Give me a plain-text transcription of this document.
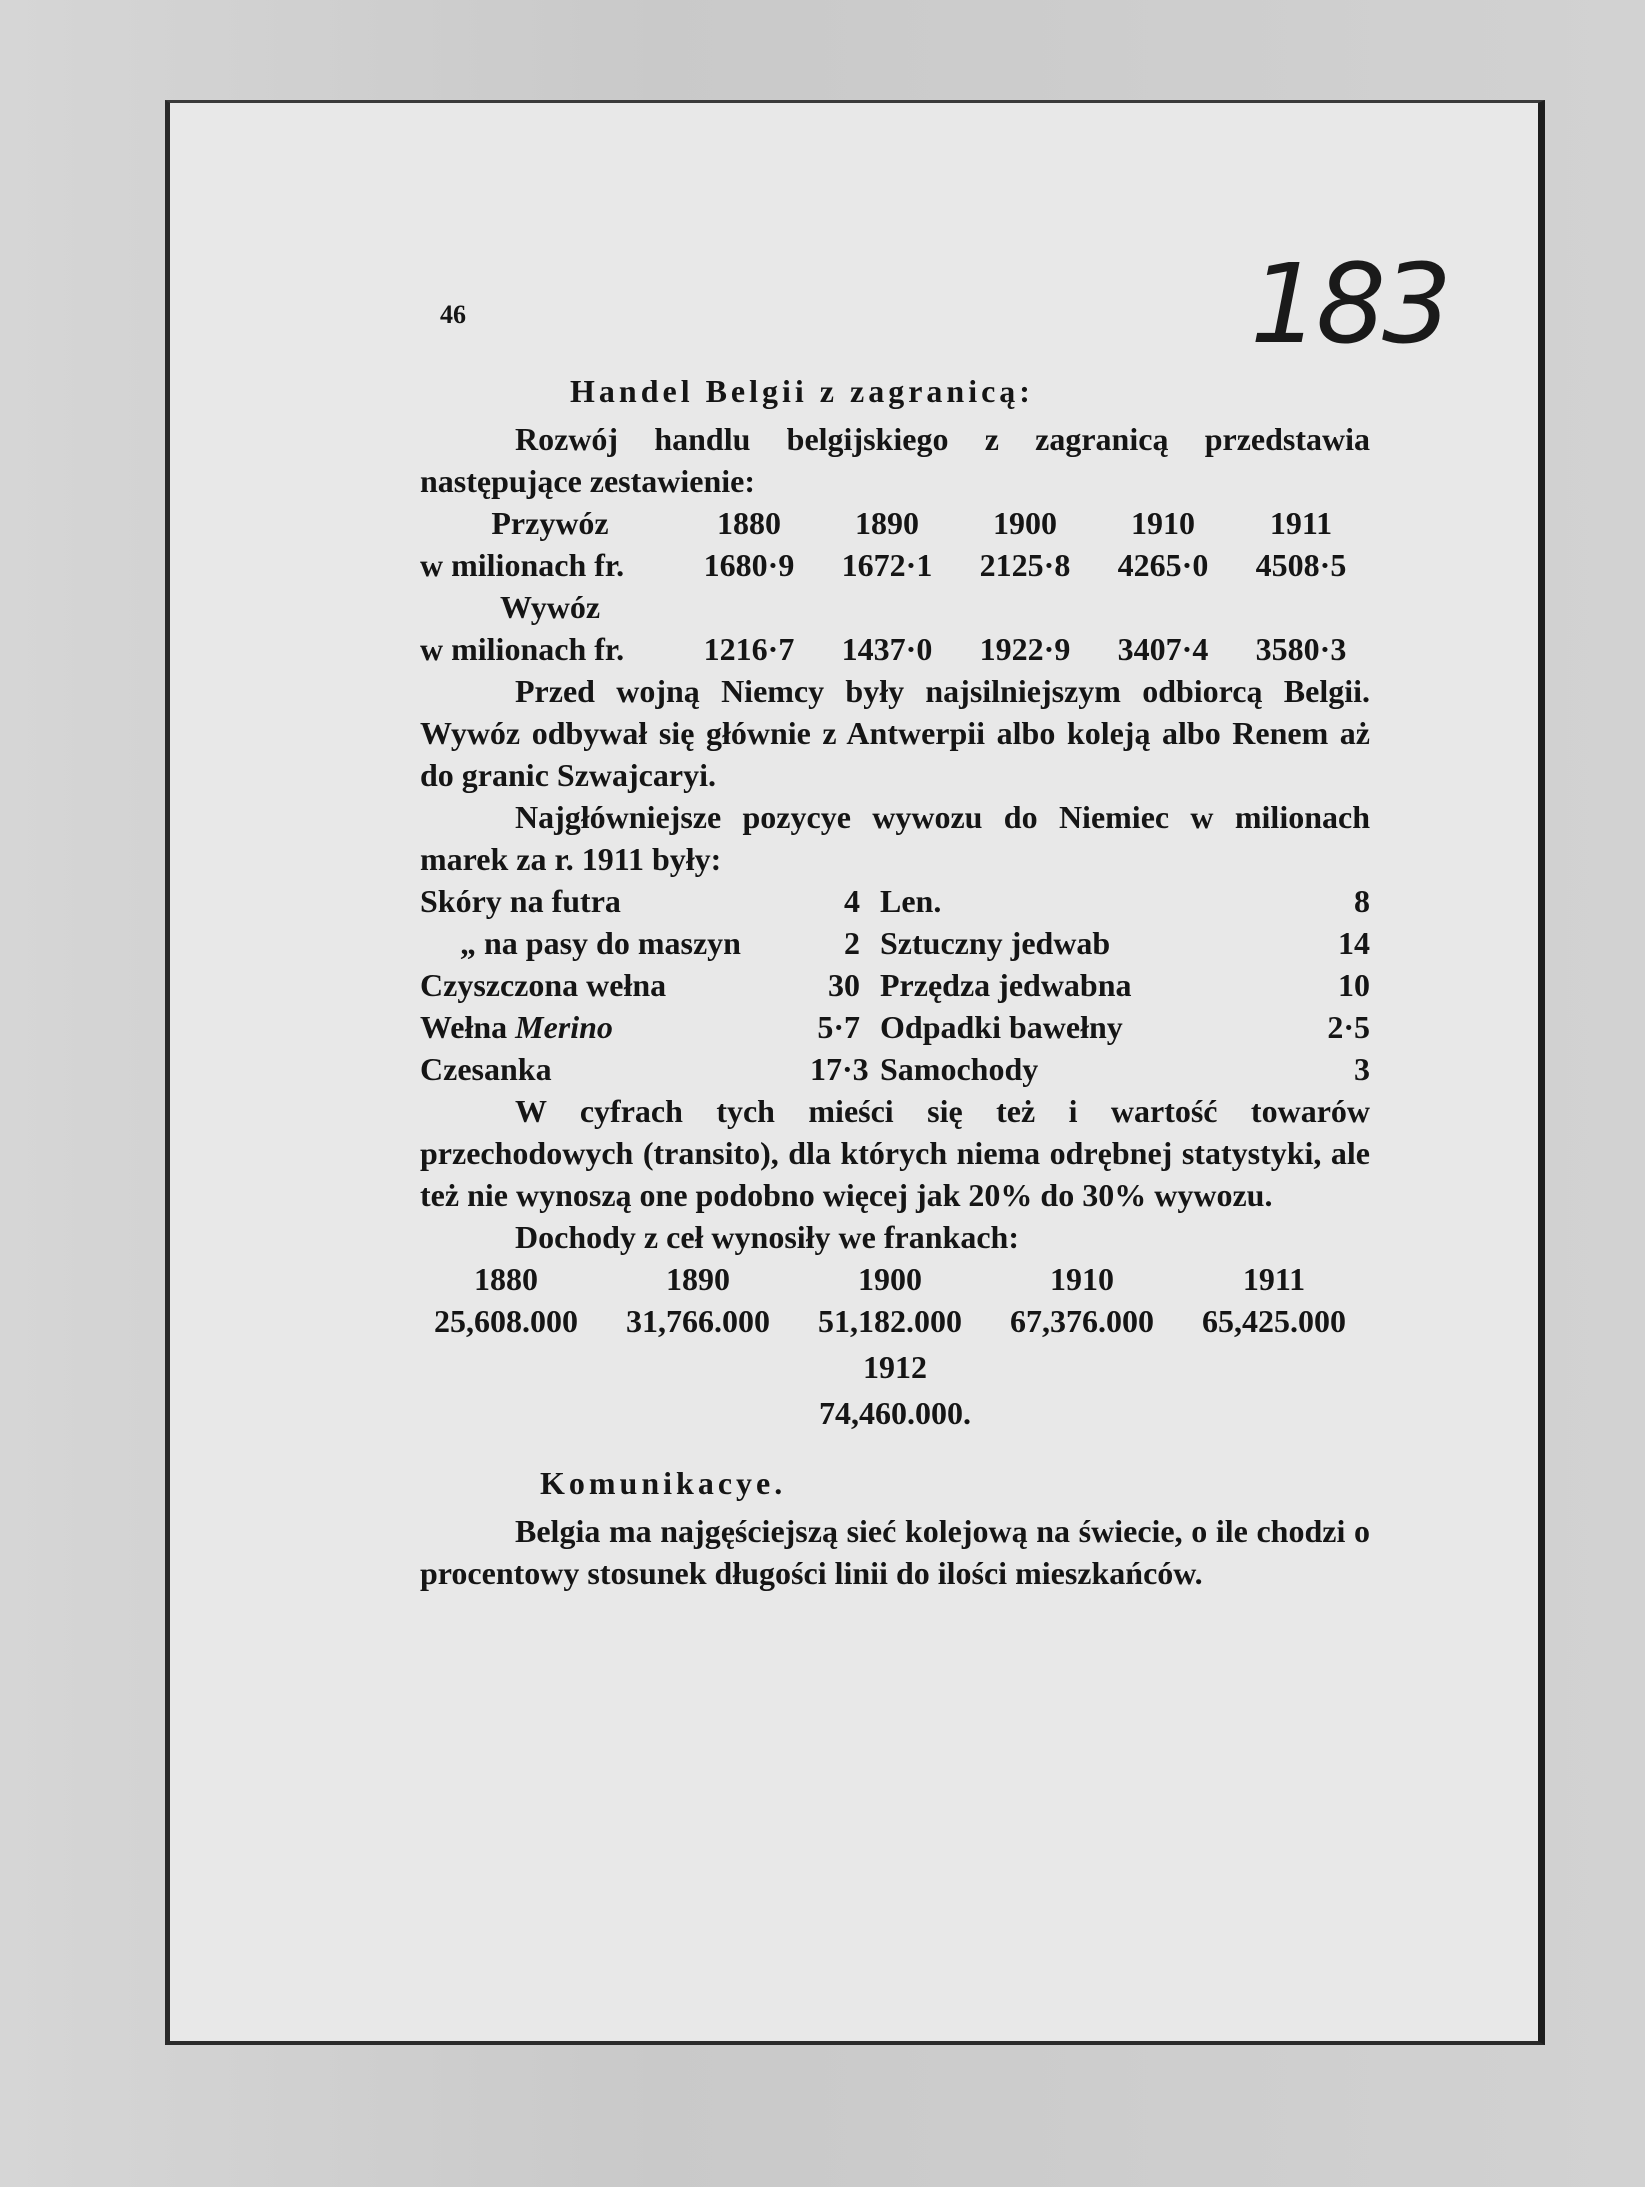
46	183
Handel Belgii z zagranicą:

Rozwój handlu belgijskiego z zagranicą przedstawia następujące zestawienie:

Przywóz	1880	1890	1900	1910	1911
w milionach fr.	1680·9	1672·1	2125·8	4265·0	4508·5
Wywóz
w milionach fr.	1216·7	1437·0	1922·9	3407·4	3580·3

Przed wojną Niemcy były najsilniejszym odbiorcą Belgii. Wywóz odbywał się głównie z Antwerpii albo koleją albo Renem aż do granic Szwajcaryi.

Najgłówniejsze pozycye wywozu do Niemiec w milionach marek za r. 1911 były:

Skóry na futra	4 Len.	8
„ na pasy do maszyn	2 Sztuczny jedwab	14
Czyszczona wełna	30 Przędza jedwabna	10
Wełna Merino	5·7 Odpadki bawełny	2·5
Czesanka	17·3 Samochody	3

W cyfrach tych mieści się też i wartość towarów przechodowych (transito), dla których niema odrębnej statystyki, ale też nie wynoszą one podobno więcej jak 20% do 30% wywozu.

Dochody z ceł wynosiły we frankach:

1880	1890	1900	1910	1911
25,608.000	31,766.000	51,182.000	67,376.000	65,425.000
1912
74,460.000.
Komunikacye.

Belgia ma najgęściejszą sieć kolejową na świecie, o ile chodzi o procentowy stosunek długości linii do ilości mieszkańców.
